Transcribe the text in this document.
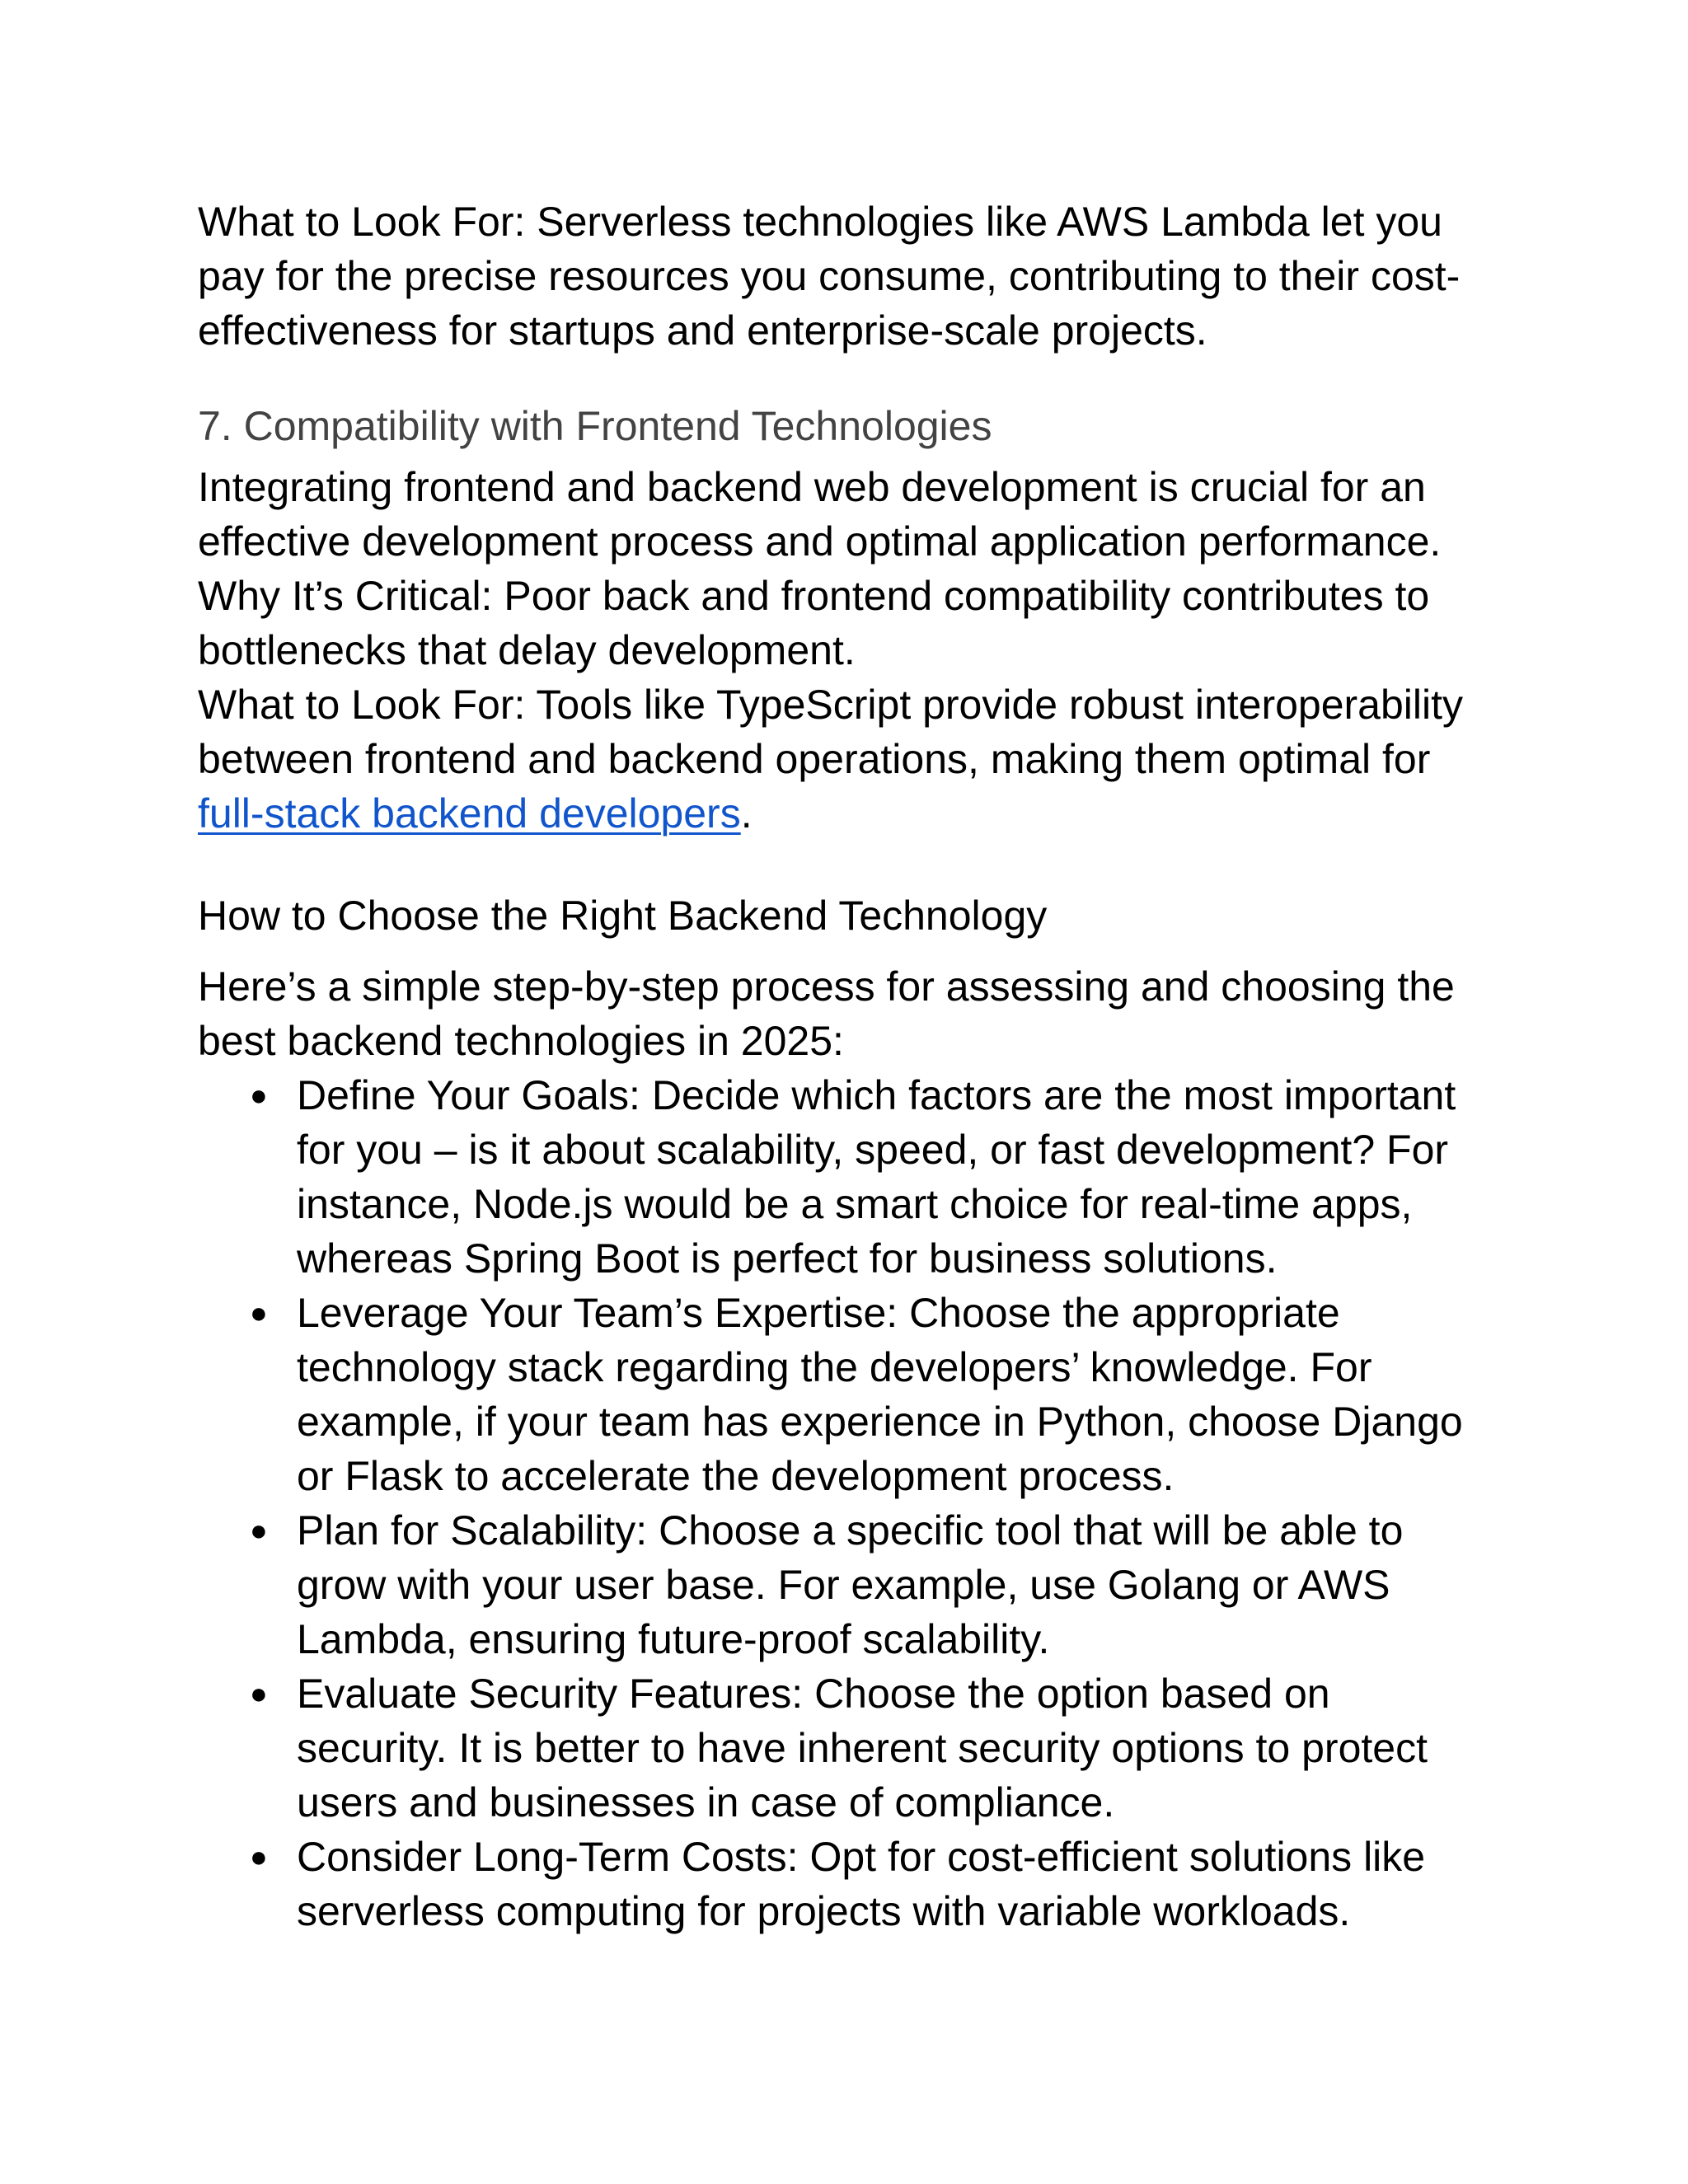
What to Look For: Serverless technologies like AWS Lambda let you pay for the precise resources you consume, contributing to their cost-effectiveness for startups and enterprise-scale projects.

7. Compatibility with Frontend Technologies

Integrating frontend and backend web development is crucial for an effective development process and optimal application performance.

Why It’s Critical: Poor back and frontend compatibility contributes to bottlenecks that delay development.

What to Look For: Tools like TypeScript provide robust interoperability between frontend and backend operations, making them optimal for full-stack backend developers.

How to Choose the Right Backend Technology

Here’s a simple step-by-step process for assessing and choosing the best backend technologies in 2025:

● Define Your Goals: Decide which factors are the most important for you – is it about scalability, speed, or fast development? For instance, Node.js would be a smart choice for real-time apps, whereas Spring Boot is perfect for business solutions.
● Leverage Your Team’s Expertise: Choose the appropriate technology stack regarding the developers’ knowledge. For example, if your team has experience in Python, choose Django or Flask to accelerate the development process.
● Plan for Scalability: Choose a specific tool that will be able to grow with your user base. For example, use Golang or AWS Lambda, ensuring future-proof scalability.
● Evaluate Security Features: Choose the option based on security. It is better to have inherent security options to protect users and businesses in case of compliance.
● Consider Long-Term Costs: Opt for cost-efficient solutions like serverless computing for projects with variable workloads.
